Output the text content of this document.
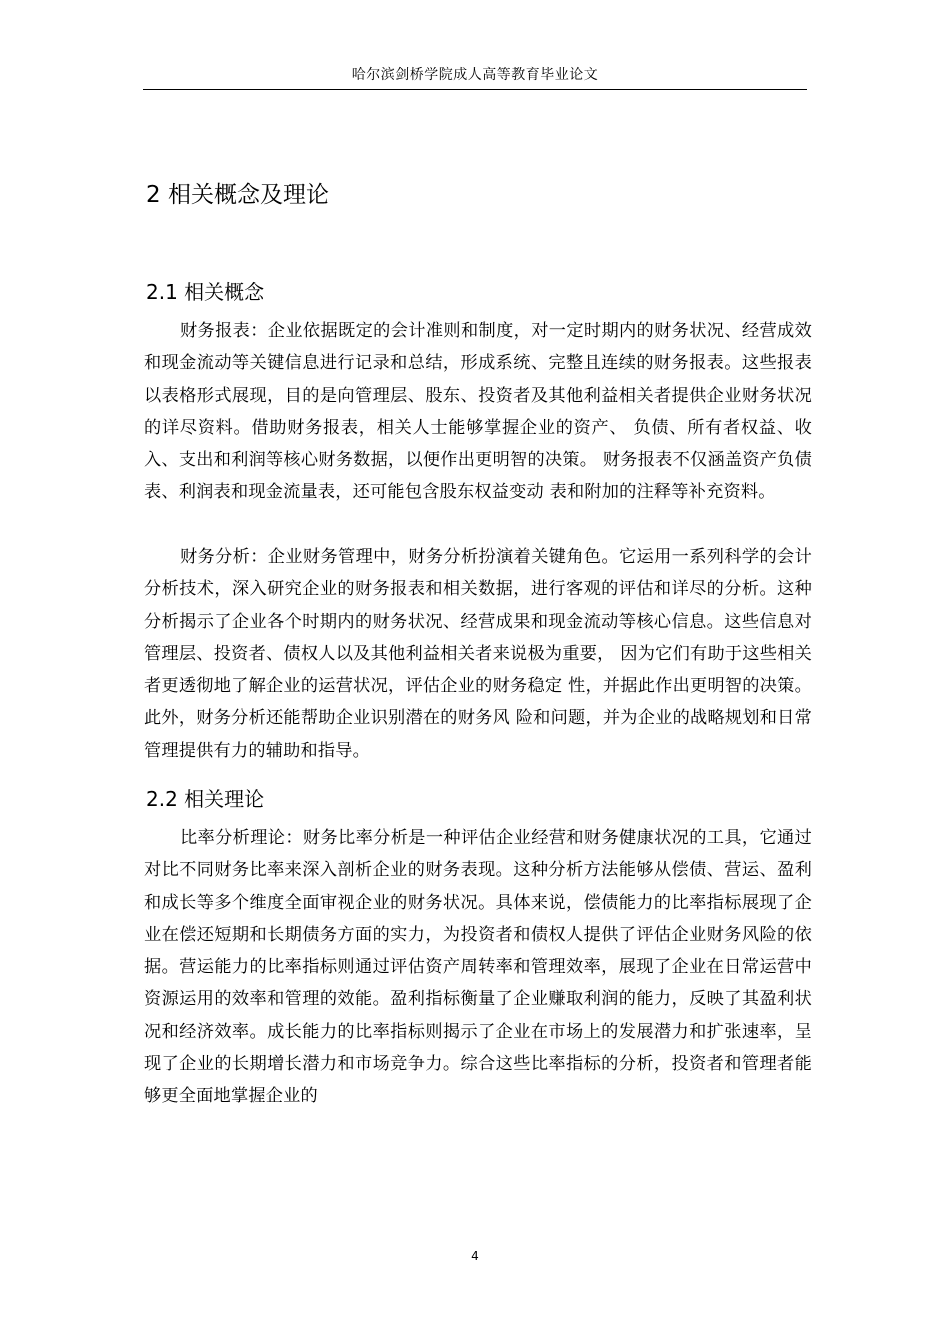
哈尔滨剑桥学院成人高等教育毕业论文
2 相关概念及理论
2.1 相关概念
财务报表：企业依据既定的会计准则和制度，对一定时期内的财务状况、经营成效和现金流动等关键信息进行记录和总结，形成系统、完整且连续的财务报表。这些报表以表格形式展现，目的是向管理层、股东、投资者及其他利益相关者提供企业财务状况的详尽资料。借助财务报表，相关人士能够掌握企业的资产、 负债、所有者权益、收入、支出和利润等核心财务数据，以便作出更明智的决策。 财务报表不仅涵盖资产负债表、利润表和现金流量表，还可能包含股东权益变动 表和附加的注释等补充资料。
财务分析：企业财务管理中，财务分析扮演着关键角色。它运用一系列科学的会计分析技术，深入研究企业的财务报表和相关数据，进行客观的评估和详尽的分析。这种分析揭示了企业各个时期内的财务状况、经营成果和现金流动等核心信息。这些信息对管理层、投资者、债权人以及其他利益相关者来说极为重要， 因为它们有助于这些相关者更透彻地了解企业的运营状况，评估企业的财务稳定 性，并据此作出更明智的决策。此外，财务分析还能帮助企业识别潜在的财务风 险和问题，并为企业的战略规划和日常管理提供有力的辅助和指导。
2.2 相关理论
比率分析理论：财务比率分析是一种评估企业经营和财务健康状况的工具，它通过对比不同财务比率来深入剖析企业的财务表现。这种分析方法能够从偿债、营运、盈利和成长等多个维度全面审视企业的财务状况。具体来说，偿债能力的比率指标展现了企业在偿还短期和长期债务方面的实力，为投资者和债权人提供了评估企业财务风险的依据。营运能力的比率指标则通过评估资产周转率和管理效率，展现了企业在日常运营中资源运用的效率和管理的效能。盈利指标衡量了企业赚取利润的能力，反映了其盈利状况和经济效率。成长能力的比率指标则揭示了企业在市场上的发展潜力和扩张速率，呈现了企业的长期增长潜力和市场竞争力。综合这些比率指标的分析，投资者和管理者能够更全面地掌握企业的
4
